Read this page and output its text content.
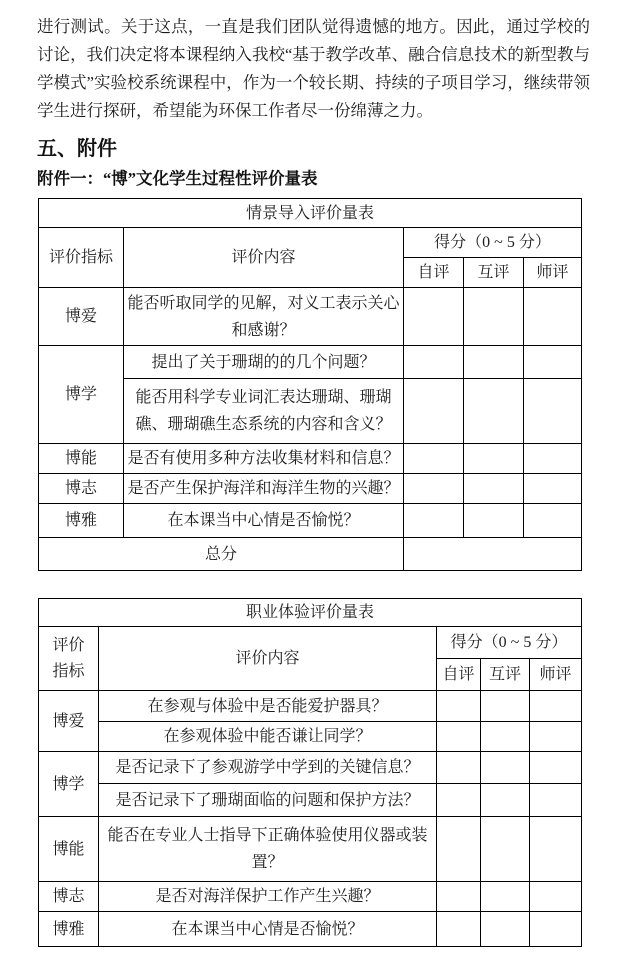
进行测试。关于这点，一直是我们团队觉得遗憾的地方。因此，通过学校的讨论，我们决定将本课程纳入我校“基于教学改革、融合信息技术的新型教与学模式”实验校系统课程中，作为一个较长期、持续的子项目学习，继续带领学生进行探研，希望能为环保工作者尽一份绵薄之力。

五、附件
附件一：“博”文化学生过程性评价量表
情景导入评价量表				
评价指标	评价内容	得分（0 ~ 5 分）		
		自评	互评	师评
博爱	能否听取同学的见解，对义工表示关心和感谢？			
博学	提出了关于珊瑚的的几个问题？			
	能否用科学专业词汇表达珊瑚、珊瑚礁、珊瑚礁生态系统的内容和含义？			
博能	是否有使用多种方法收集材料和信息？			
博志	是否产生保护海洋和海洋生物的兴趣？			
博雅	在本课当中心情是否愉悦？			
总分				
职业体验评价量表				

评价
指标	评价内容	得分（0 ~ 5 分）		
		自评	互评	师评
博爱	在参观与体验中是否能爱护器具？			
	在参观体验中能否谦让同学？			
博学	是否记录下了参观游学中学到的关键信息？			
	是否记录下了珊瑚面临的问题和保护方法？			
博能	能否在专业人士指导下正确体验使用仪器或装置？			
博志	是否对海洋保护工作产生兴趣？			
博雅	在本课当中心情是否愉悦？			
